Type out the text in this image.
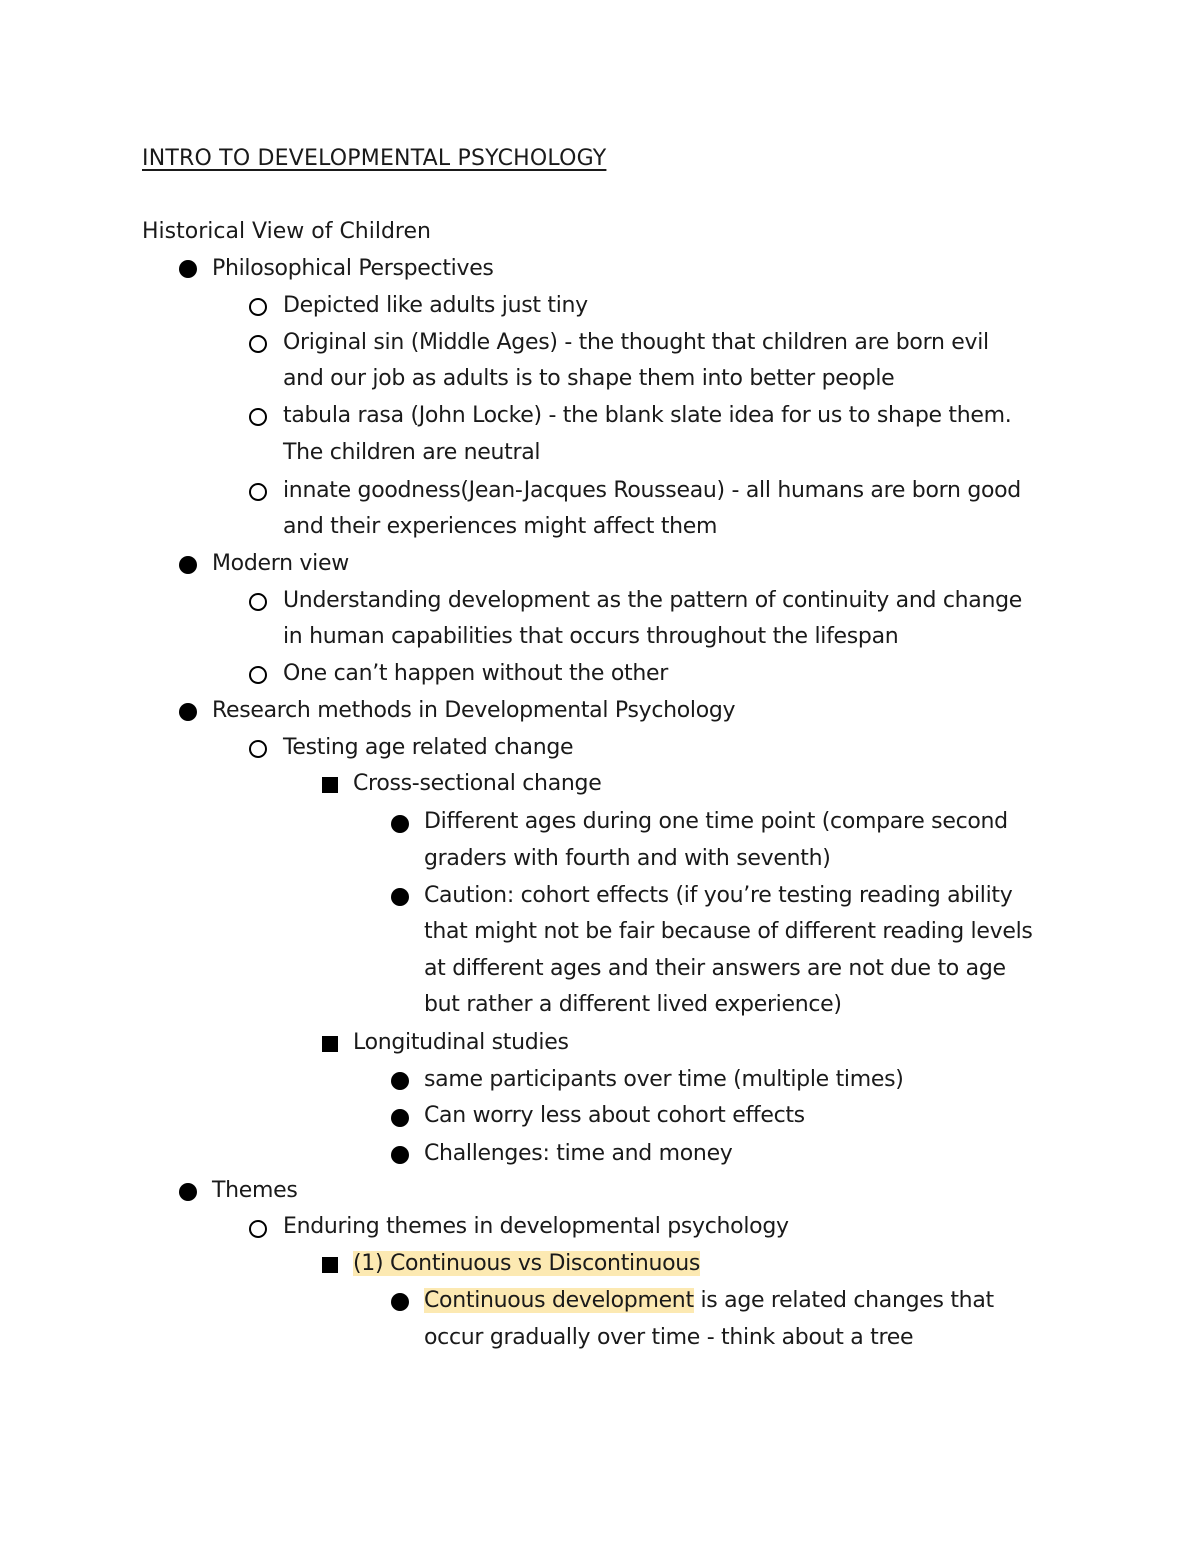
INTRO TO DEVELOPMENTAL PSYCHOLOGY
Historical View of Children
Philosophical Perspectives
Depicted like adults just tiny
Original sin (Middle Ages) - the thought that children are born evil
and our job as adults is to shape them into better people
tabula rasa (John Locke) - the blank slate idea for us to shape them.
The children are neutral
innate goodness(Jean-Jacques Rousseau) - all humans are born good
and their experiences might affect them
Modern view
Understanding development as the pattern of continuity and change
in human capabilities that occurs throughout the lifespan
One can’t happen without the other
Research methods in Developmental Psychology
Testing age related change
Cross-sectional change
Different ages during one time point (compare second
graders with fourth and with seventh)
Caution: cohort effects (if you’re testing reading ability
that might not be fair because of different reading levels
at different ages and their answers are not due to age
but rather a different lived experience)
Longitudinal studies
same participants over time (multiple times)
Can worry less about cohort effects
Challenges: time and money
Themes
Enduring themes in developmental psychology
(1) Continuous vs Discontinuous
Continuous development is age related changes that
occur gradually over time - think about a tree
